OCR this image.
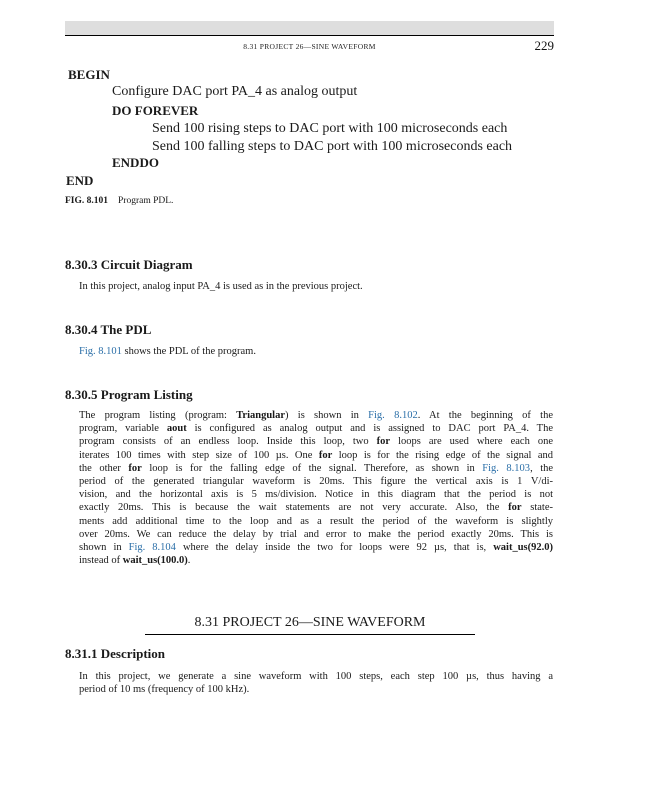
8.31 PROJECT 26—SINE WAVEFORM	229
BEGIN
Configure DAC port PA_4 as analog output
DO FOREVER
Send 100 rising steps to DAC port with 100 microseconds each
Send 100 falling steps to DAC port with 100 microseconds each
ENDDO
END
FIG. 8.101 Program PDL.
8.30.3 Circuit Diagram
In this project, analog input PA_4 is used as in the previous project.
8.30.4 The PDL
Fig. 8.101 shows the PDL of the program.
8.30.5 Program Listing
The program listing (program: Triangular) is shown in Fig. 8.102. At the beginning of the
program, variable aout is configured as analog output and is assigned to DAC port PA_4. The
program consists of an endless loop. Inside this loop, two for loops are used where each one
iterates 100 times with step size of 100 µs. One for loop is for the rising edge of the signal and
the other for loop is for the falling edge of the signal. Therefore, as shown in Fig. 8.103, the
period of the generated triangular waveform is 20ms. This figure the vertical axis is 1 V/di-
vision, and the horizontal axis is 5 ms/division. Notice in this diagram that the period is not
exactly 20ms. This is because the wait statements are not very accurate. Also, the for state-
ments add additional time to the loop and as a result the period of the waveform is slightly
over 20ms. We can reduce the delay by trial and error to make the period exactly 20ms. This is
shown in Fig. 8.104 where the delay inside the two for loops were 92 µs, that is, wait_us(92.0)
instead of wait_us(100.0).
8.31 PROJECT 26—SINE WAVEFORM
8.31.1 Description
In this project, we generate a sine waveform with 100 steps, each step 100 µs, thus having a
period of 10 ms (frequency of 100 kHz).
